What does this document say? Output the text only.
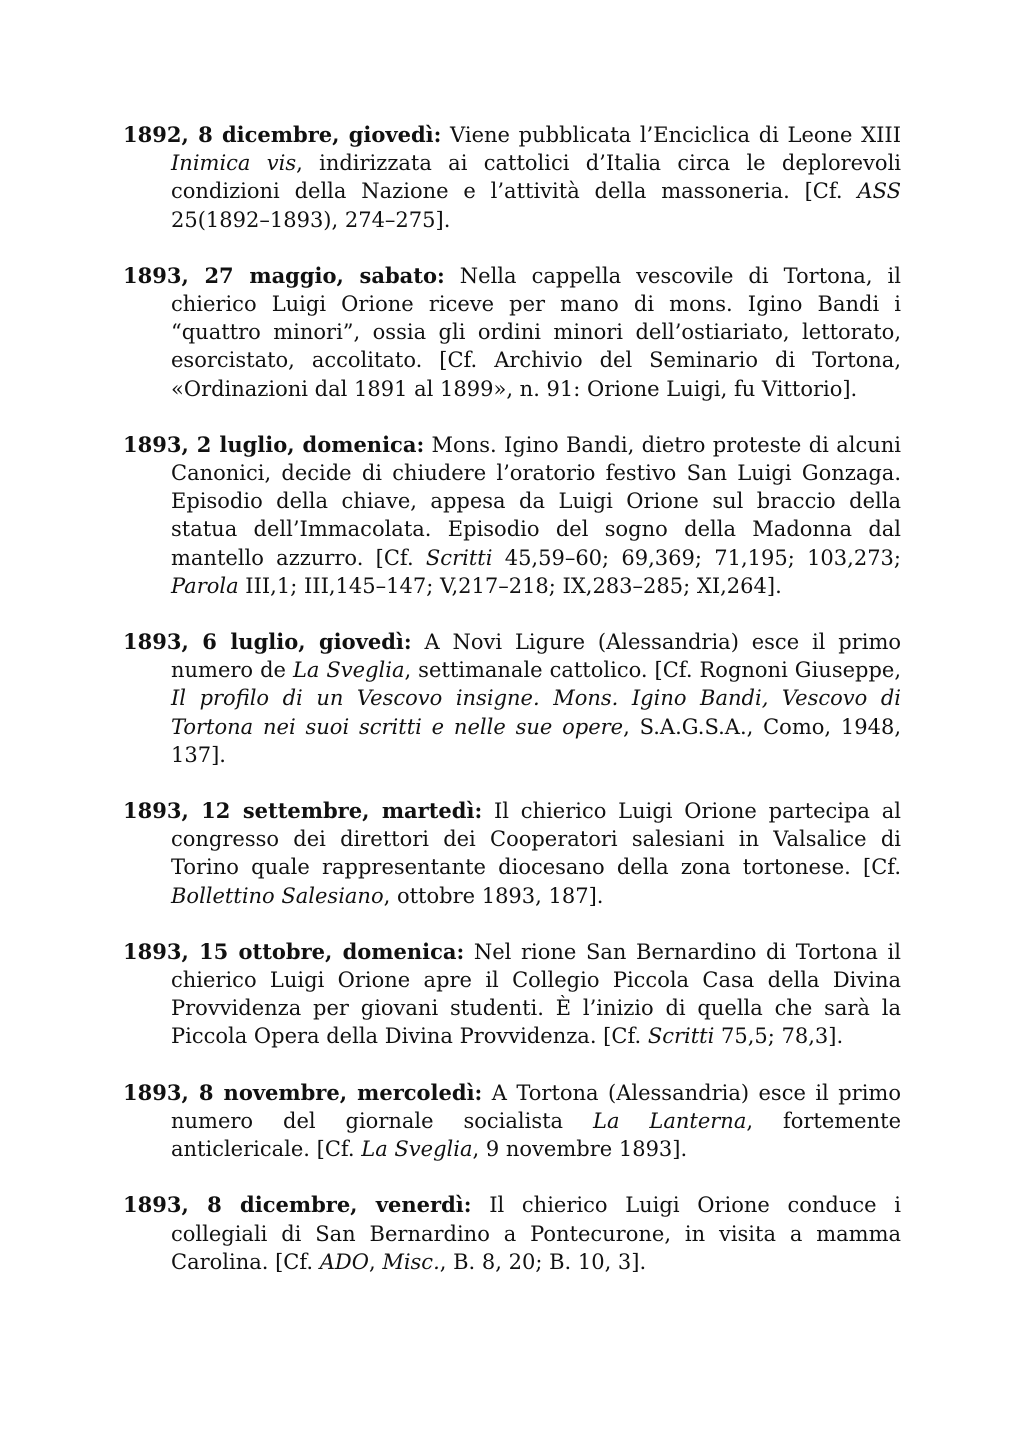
1892, 8 dicembre, giovedì: Viene pubblicata l’Enciclica di Leone XIII Inimica vis, indirizzata ai cattolici d’Italia circa le deplorevoli condizioni della Nazione e l’attività della massoneria. [Cf. ASS 25(1892–1893), 274–275].

1893, 27 maggio, sabato: Nella cappella vescovile di Tortona, il chierico Luigi Orione riceve per mano di mons. Igino Bandi i “quattro minori”, ossia gli ordini minori dell’ostiariato, lettorato, esorcistato, accolitato. [Cf. Archivio del Seminario di Tortona, «Ordinazioni dal 1891 al 1899», n. 91: Orione Luigi, fu Vittorio].

1893, 2 luglio, domenica: Mons. Igino Bandi, dietro proteste di alcuni Canonici, decide di chiudere l’oratorio festivo San Luigi Gonzaga. Episodio della chiave, appesa da Luigi Orione sul braccio della statua dell’Immacolata. Episodio del sogno della Madonna dal mantello azzurro. [Cf. Scritti 45,59–60; 69,369; 71,195; 103,273; Parola III,1; III,145–147; V,217–218; IX,283–285; XI,264].

1893, 6 luglio, giovedì: A Novi Ligure (Alessandria) esce il primo numero de La Sveglia, settimanale cattolico. [Cf. Rognoni Giuseppe, Il profilo di un Vescovo insigne. Mons. Igino Bandi, Vescovo di Tortona nei suoi scritti e nelle sue opere, S.A.G.S.A., Como, 1948, 137].

1893, 12 settembre, martedì: Il chierico Luigi Orione partecipa al congresso dei direttori dei Cooperatori salesiani in Valsalice di Torino quale rappresentante diocesano della zona tortonese. [Cf. Bollettino Salesiano, ottobre 1893, 187].

1893, 15 ottobre, domenica: Nel rione San Bernardino di Tortona il chierico Luigi Orione apre il Collegio Piccola Casa della Divina Provvidenza per giovani studenti. È l’inizio di quella che sarà la Piccola Opera della Divina Provvidenza. [Cf. Scritti 75,5; 78,3].

1893, 8 novembre, mercoledì: A Tortona (Alessandria) esce il primo numero del giornale socialista La Lanterna, fortemente anticlericale. [Cf. La Sveglia, 9 novembre 1893].

1893, 8 dicembre, venerdì: Il chierico Luigi Orione conduce i collegiali di San Bernardino a Pontecurone, in visita a mamma Carolina. [Cf. ADO, Misc., B. 8, 20; B. 10, 3].
